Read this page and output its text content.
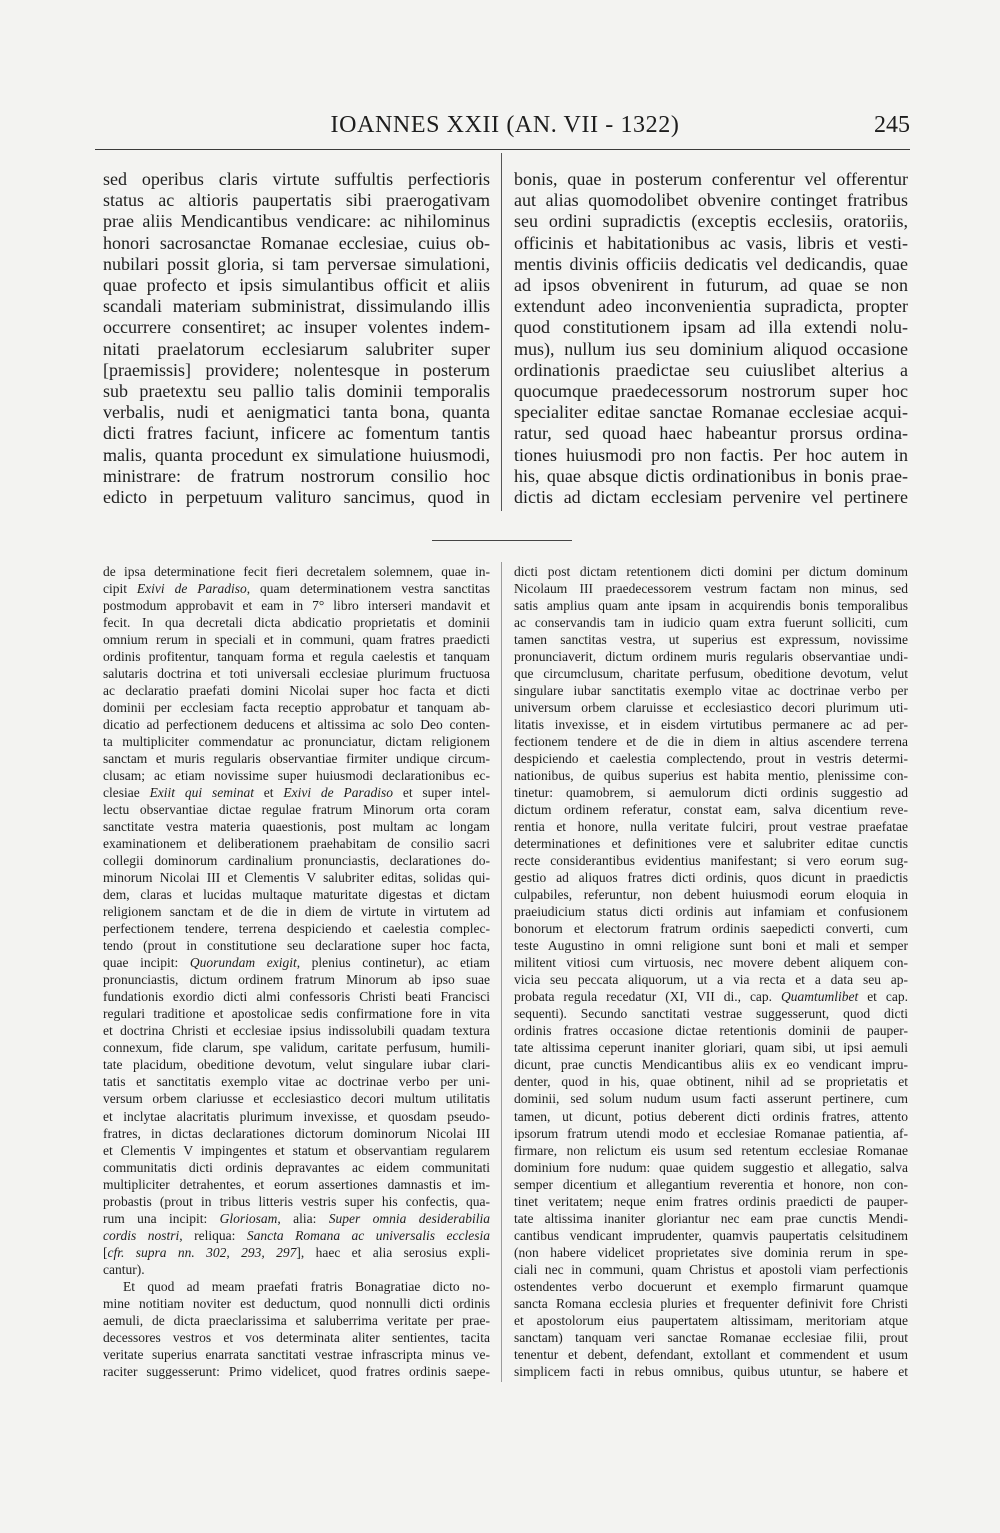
IOANNES XXII (AN. VII - 1322)	245
sed operibus claris virtute suffultis perfectioris
status ac altioris paupertatis sibi praerogativam
prae aliis Mendicantibus vendicare: ac nihilominus
honori sacrosanctae Romanae ecclesiae, cuius ob-
nubilari possit gloria, si tam perversae simulationi,
quae profecto et ipsis simulantibus officit et aliis
scandali materiam subministrat, dissimulando illis
occurrere consentiret; ac insuper volentes indem-
nitati praelatorum ecclesiarum salubriter super
[praemissis] providere; nolentesque in posterum
sub praetextu seu pallio talis dominii temporalis
verbalis, nudi et aenigmatici tanta bona, quanta
dicti fratres faciunt, inficere ac fomentum tantis
malis, quanta procedunt ex simulatione huiusmodi,
ministrare: de fratrum nostrorum consilio hoc
edicto in perpetuum valituro sancimus, quod in
bonis, quae in posterum conferentur vel offerentur
aut alias quomodolibet obvenire continget fratribus
seu ordini supradictis (exceptis ecclesiis, oratoriis,
officinis et habitationibus ac vasis, libris et vesti-
mentis divinis officiis dedicatis vel dedicandis, quae
ad ipsos obvenirent in futurum, ad quae se non
extendunt adeo inconvenientia supradicta, propter
quod constitutionem ipsam ad illa extendi nolu-
mus), nullum ius seu dominium aliquod occasione
ordinationis praedictae seu cuiuslibet alterius a
quocumque praedecessorum nostrorum super hoc
specialiter editae sanctae Romanae ecclesiae acqui-
ratur, sed quoad haec habeantur prorsus ordina-
tiones huiusmodi pro non factis. Per hoc autem in
his, quae absque dictis ordinationibus in bonis prae-
dictis ad dictam ecclesiam pervenire vel pertinere
de ipsa determinatione fecit fieri decretalem solemnem, quae in-
cipit Exivi de Paradiso, quam determinationem vestra sanctitas
postmodum approbavit et eam in 7° libro interseri mandavit et
fecit. In qua decretali dicta abdicatio proprietatis et dominii
omnium rerum in speciali et in communi, quam fratres praedicti
ordinis profitentur, tanquam forma et regula caelestis et tanquam
salutaris doctrina et toti universali ecclesiae plurimum fructuosa
ac declaratio praefati domini Nicolai super hoc facta et dicti
dominii per ecclesiam facta receptio approbatur et tanquam ab-
dicatio ad perfectionem deducens et altissima ac solo Deo conten-
ta multipliciter commendatur ac pronunciatur, dictam religionem
sanctam et muris regularis observantiae firmiter undique circum-
clusam; ac etiam novissime super huiusmodi declarationibus ec-
clesiae Exiit qui seminat et Exivi de Paradiso et super intel-
lectu observantiae dictae regulae fratrum Minorum orta coram
sanctitate vestra materia quaestionis, post multam ac longam
examinationem et deliberationem praehabitam de consilio sacri
collegii dominorum cardinalium pronunciastis, declarationes do-
minorum Nicolai III et Clementis V salubriter editas, solidas qui-
dem, claras et lucidas multaque maturitate digestas et dictam
religionem sanctam et de die in diem de virtute in virtutem ad
perfectionem tendere, terrena despiciendo et caelestia complec-
tendo (prout in constitutione seu declaratione super hoc facta,
quae incipit: Quorundam exigit, plenius continetur), ac etiam
pronunciastis, dictum ordinem fratrum Minorum ab ipso suae
fundationis exordio dicti almi confessoris Christi beati Francisci
regulari traditione et apostolicae sedis confirmatione fore in vita
et doctrina Christi et ecclesiae ipsius indissolubili quadam textura
connexum, fide clarum, spe validum, caritate perfusum, humili-
tate placidum, obeditione devotum, velut singulare iubar clari-
tatis et sanctitatis exemplo vitae ac doctrinae verbo per uni-
versum orbem clariusse et ecclesiastico decori multum utilitatis
et inclytae alacritatis plurimum invexisse, et quosdam pseudo-
fratres, in dictas declarationes dictorum dominorum Nicolai III
et Clementis V impingentes et statum et observantiam regularem
communitatis dicti ordinis depravantes ac eidem communitati
multipliciter detrahentes, et eorum assertiones damnastis et im-
probastis (prout in tribus litteris vestris super his confectis, qua-
rum una incipit: Gloriosam, alia: Super omnia desiderabilia
cordis nostri, reliqua: Sancta Romana ac universalis ecclesia
[cfr. supra nn. 302, 293, 297], haec et alia serosius expli-
cantur).
Et quod ad meam praefati fratris Bonagratiae dicto no-
mine notitiam noviter est deductum, quod nonnulli dicti ordinis
aemuli, de dicta praeclarissima et saluberrima veritate per prae-
decessores vestros et vos determinata aliter sentientes, tacita
veritate superius enarrata sanctitati vestrae infrascripta minus ve-
raciter suggesserunt: Primo videlicet, quod fratres ordinis saepe-
dicti post dictam retentionem dicti domini per dictum dominum
Nicolaum III praedecessorem vestrum factam non minus, sed
satis amplius quam ante ipsam in acquirendis bonis temporalibus
ac conservandis tam in iudicio quam extra fuerunt solliciti, cum
tamen sanctitas vestra, ut superius est expressum, novissime
pronunciaverit, dictum ordinem muris regularis observantiae undi-
que circumclusum, charitate perfusum, obeditione devotum, velut
singulare iubar sanctitatis exemplo vitae ac doctrinae verbo per
universum orbem claruisse et ecclesiastico decori plurimum uti-
litatis invexisse, et in eisdem virtutibus permanere ac ad per-
fectionem tendere et de die in diem in altius ascendere terrena
despiciendo et caelestia complectendo, prout in vestris determi-
nationibus, de quibus superius est habita mentio, plenissime con-
tinetur: quamobrem, si aemulorum dicti ordinis suggestio ad
dictum ordinem referatur, constat eam, salva dicentium reve-
rentia et honore, nulla veritate fulciri, prout vestrae praefatae
determinationes et definitiones vere et salubriter editae cunctis
recte considerantibus evidentius manifestant; si vero eorum sug-
gestio ad aliquos fratres dicti ordinis, quos dicunt in praedictis
culpabiles, referuntur, non debent huiusmodi eorum eloquia in
praeiudicium status dicti ordinis aut infamiam et confusionem
bonorum et electorum fratrum ordinis saepedicti converti, cum
teste Augustino in omni religione sunt boni et mali et semper
militent vitiosi cum virtuosis, nec movere debent aliquem con-
vicia seu peccata aliquorum, ut a via recta et a data seu ap-
probata regula recedatur (XI, VII di., cap. Quamtumlibet et cap.
sequenti). Secundo sanctitati vestrae suggesserunt, quod dicti
ordinis fratres occasione dictae retentionis dominii de pauper-
tate altissima ceperunt inaniter gloriari, quam sibi, ut ipsi aemuli
dicunt, prae cunctis Mendicantibus aliis ex eo vendicant impru-
denter, quod in his, quae obtinent, nihil ad se proprietatis et
dominii, sed solum nudum usum facti asserunt pertinere, cum
tamen, ut dicunt, potius deberent dicti ordinis fratres, attento
ipsorum fratrum utendi modo et ecclesiae Romanae patientia, af-
firmare, non relictum eis usum sed retentum ecclesiae Romanae
dominium fore nudum: quae quidem suggestio et allegatio, salva
semper dicentium et allegantium reverentia et honore, non con-
tinet veritatem; neque enim fratres ordinis praedicti de pauper-
tate altissima inaniter gloriantur nec eam prae cunctis Mendi-
cantibus vendicant imprudenter, quamvis paupertatis celsitudinem
(non habere videlicet proprietates sive dominia rerum in spe-
ciali nec in communi, quam Christus et apostoli viam perfectionis
ostendentes verbo docuerunt et exemplo firmarunt quamque
sancta Romana ecclesia pluries et frequenter definivit fore Christi
et apostolorum eius paupertatem altissimam, meritoriam atque
sanctam) tanquam veri sanctae Romanae ecclesiae filii, prout
tenentur et debent, defendant, extollant et commendent et usum
simplicem facti in rebus omnibus, quibus utuntur, se habere et
